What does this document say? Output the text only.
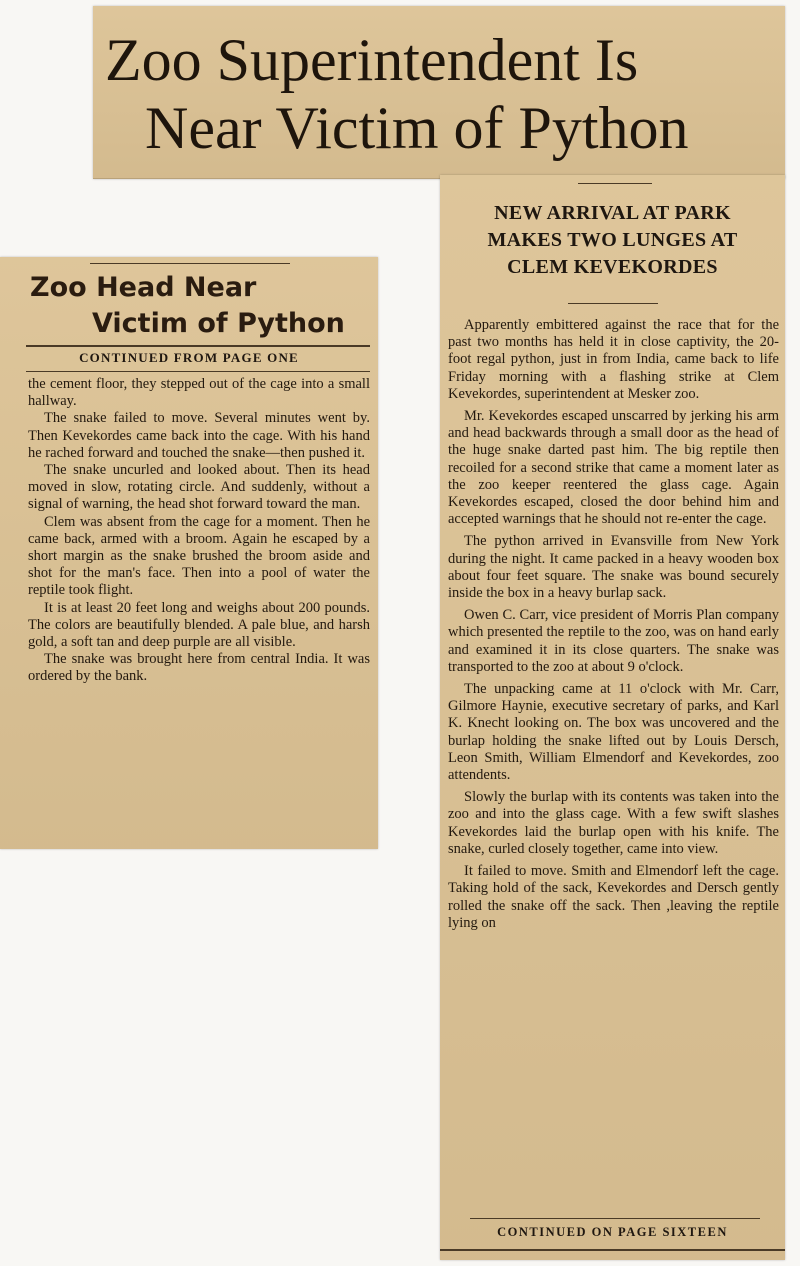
Zoo Superintendent Is
Near Victim of Python
NEW ARRIVAL AT PARK
MAKES TWO LUNGES AT
CLEM KEVEKORDES

Apparently embittered against the race that for the past two months has held it in close captivity, the 20-foot regal python, just in from India, came back to life Friday morning with a flashing strike at Clem Kevekordes, superintendent at Mesker zoo.

Mr. Kevekordes escaped unscarred by jerking his arm and head backwards through a small door as the head of the huge snake darted past him. The big reptile then recoiled for a second strike that came a moment later as the zoo keeper reentered the glass cage. Again Kevekordes escaped, closed the door behind him and accepted warnings that he should not re-enter the cage.

The python arrived in Evansville from New York during the night. It came packed in a heavy wooden box about four feet square. The snake was bound securely inside the box in a heavy burlap sack.

Owen C. Carr, vice president of Morris Plan company which presented the reptile to the zoo, was on hand early and examined it in its close quarters. The snake was transported to the zoo at about 9 o'clock.

The unpacking came at 11 o'clock with Mr. Carr, Gilmore Haynie, executive secretary of parks, and Karl K. Knecht looking on. The box was uncovered and the burlap holding the snake lifted out by Louis Dersch, Leon Smith, William Elmendorf and Kevekordes, zoo attendents.

Slowly the burlap with its contents was taken into the zoo and into the glass cage. With a few swift slashes Kevekordes laid the burlap open with his knife. The snake, curled closely together, came into view.

It failed to move. Smith and Elmendorf left the cage. Taking hold of the sack, Kevekordes and Dersch gently rolled the snake off the sack. Then ,leaving the reptile lying on

CONTINUED ON PAGE SIXTEEN
Zoo Head Near
Victim of Python
CONTINUED FROM PAGE ONE

the cement floor, they stepped out of the cage into a small hallway.

The snake failed to move. Several minutes went by. Then Kevekordes came back into the cage. With his hand he rached forward and touched the snake—then pushed it.

The snake uncurled and looked about. Then its head moved in slow, rotating circle. And suddenly, without a signal of warning, the head shot forward toward the man.

Clem was absent from the cage for a moment. Then he came back, armed with a broom. Again he escaped by a short margin as the snake brushed the broom aside and shot for the man's face. Then into a pool of water the reptile took flight.

It is at least 20 feet long and weighs about 200 pounds. The colors are beautifully blended. A pale blue, and harsh gold, a soft tan and deep purple are all visible.

The snake was brought here from central India. It was ordered by the bank.
